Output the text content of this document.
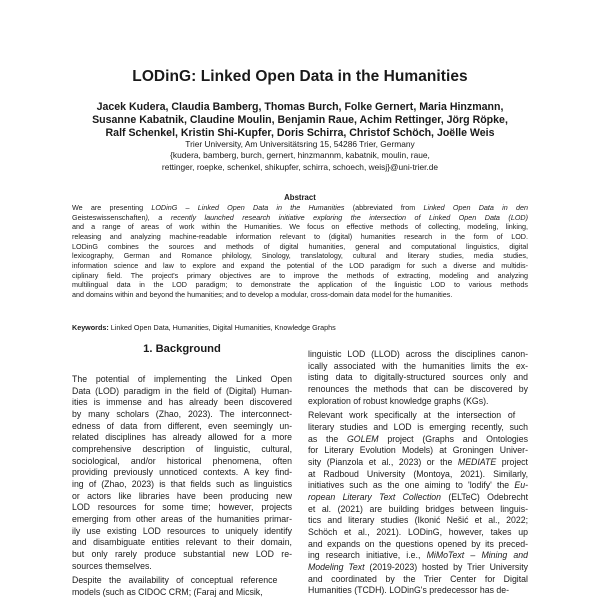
LODinG: Linked Open Data in the Humanities
Jacek Kudera, Claudia Bamberg, Thomas Burch, Folke Gernert, Maria Hinzmann,
Susanne Kabatnik, Claudine Moulin, Benjamin Raue, Achim Rettinger, Jörg Röpke,
Ralf Schenkel, Kristin Shi-Kupfer, Doris Schirra, Christof Schöch, Joëlle Weis
Trier University, Am Universitätsring 15, 54286 Trier, Germany
{kudera, bamberg, burch, gernert, hinzmannm, kabatnik, moulin, raue,
rettinger, roepke, schenkel, shikupfer, schirra, schoech, weisj}@uni-trier.de
Abstract
We are presenting LODinG – Linked Open Data in the Humanities (abbreviated from Linked Open Data in den
Geisteswissenschaften), a recently launched research initiative exploring the intersection of Linked Open Data (LOD)
and a range of areas of work within the Humanities. We focus on effective methods of collecting, modeling, linking,
releasing and analyzing machine-readable information relevant to (digital) humanities research in the form of LOD.
LODinG combines the sources and methods of digital humanities, general and computational linguistics, digital
lexicography, German and Romance philology, Sinology, translatology, cultural and literary studies, media studies,
information science and law to explore and expand the potential of the LOD paradigm for such a diverse and multidis-
ciplinary field. The project's primary objectives are to improve the methods of extracting, modeling and analyzing
multilingual data in the LOD paradigm; to demonstrate the application of the linguistic LOD to various methods
and domains within and beyond the humanities; and to develop a modular, cross-domain data model for the humanities.
Keywords: Linked Open Data, Humanities, Digital Humanities, Knowledge Graphs
1. Background
The potential of implementing the Linked Open
Data (LOD) paradigm in the field of (Digital) Human-
ities is immense and has already been discovered
by many scholars (Zhao, 2023). The interconnect-
edness of data from different, even seemingly un-
related disciplines has already allowed for a more
comprehensive description of linguistic, cultural,
sociological, and/or historical phenomena, often
providing previously unnoticed contexts. A key find-
ing of (Zhao, 2023) is that fields such as linguistics
or actors like libraries have been producing new
LOD resources for some time; however, projects
emerging from other areas of the humanities primar-
ily use existing LOD resources to uniquely identify
and disambiguate entities relevant to their domain,
but only rarely produce substantial new LOD re-
sources themselves.
Despite the availability of conceptual reference
models (such as CIDOC CRM; (Faraj and Micsik,
linguistic LOD (LLOD) across the disciplines canon-
ically associated with the humanities limits the ex-
isting data to digitally-structured sources only and
renounces the methods that can be discovered by
exploration of robust knowledge graphs (KGs).
Relevant work specifically at the intersection of
literary studies and LOD is emerging recently, such
as the GOLEM project (Graphs and Ontologies
for Literary Evolution Models) at Groningen Univer-
sity (Pianzola et al., 2023) or the MEDIATE project
at Radboud University (Montoya, 2021). Similarly,
initiatives such as the one aiming to 'lodify' the Eu-
ropean Literary Text Collection (ELTeC) Odebrecht
et al. (2021) are building bridges between linguis-
tics and literary studies (Ikonić Nešić et al., 2022;
Schöch et al., 2021). LODinG, however, takes up
and expands on the questions opened by its preced-
ing research initiative, i.e., MiMoText – Mining and
Modeling Text (2019-2023) hosted by Trier University
and coordinated by the Trier Center for Digital
Humanities (TCDH). LODinG's predecessor has de-
